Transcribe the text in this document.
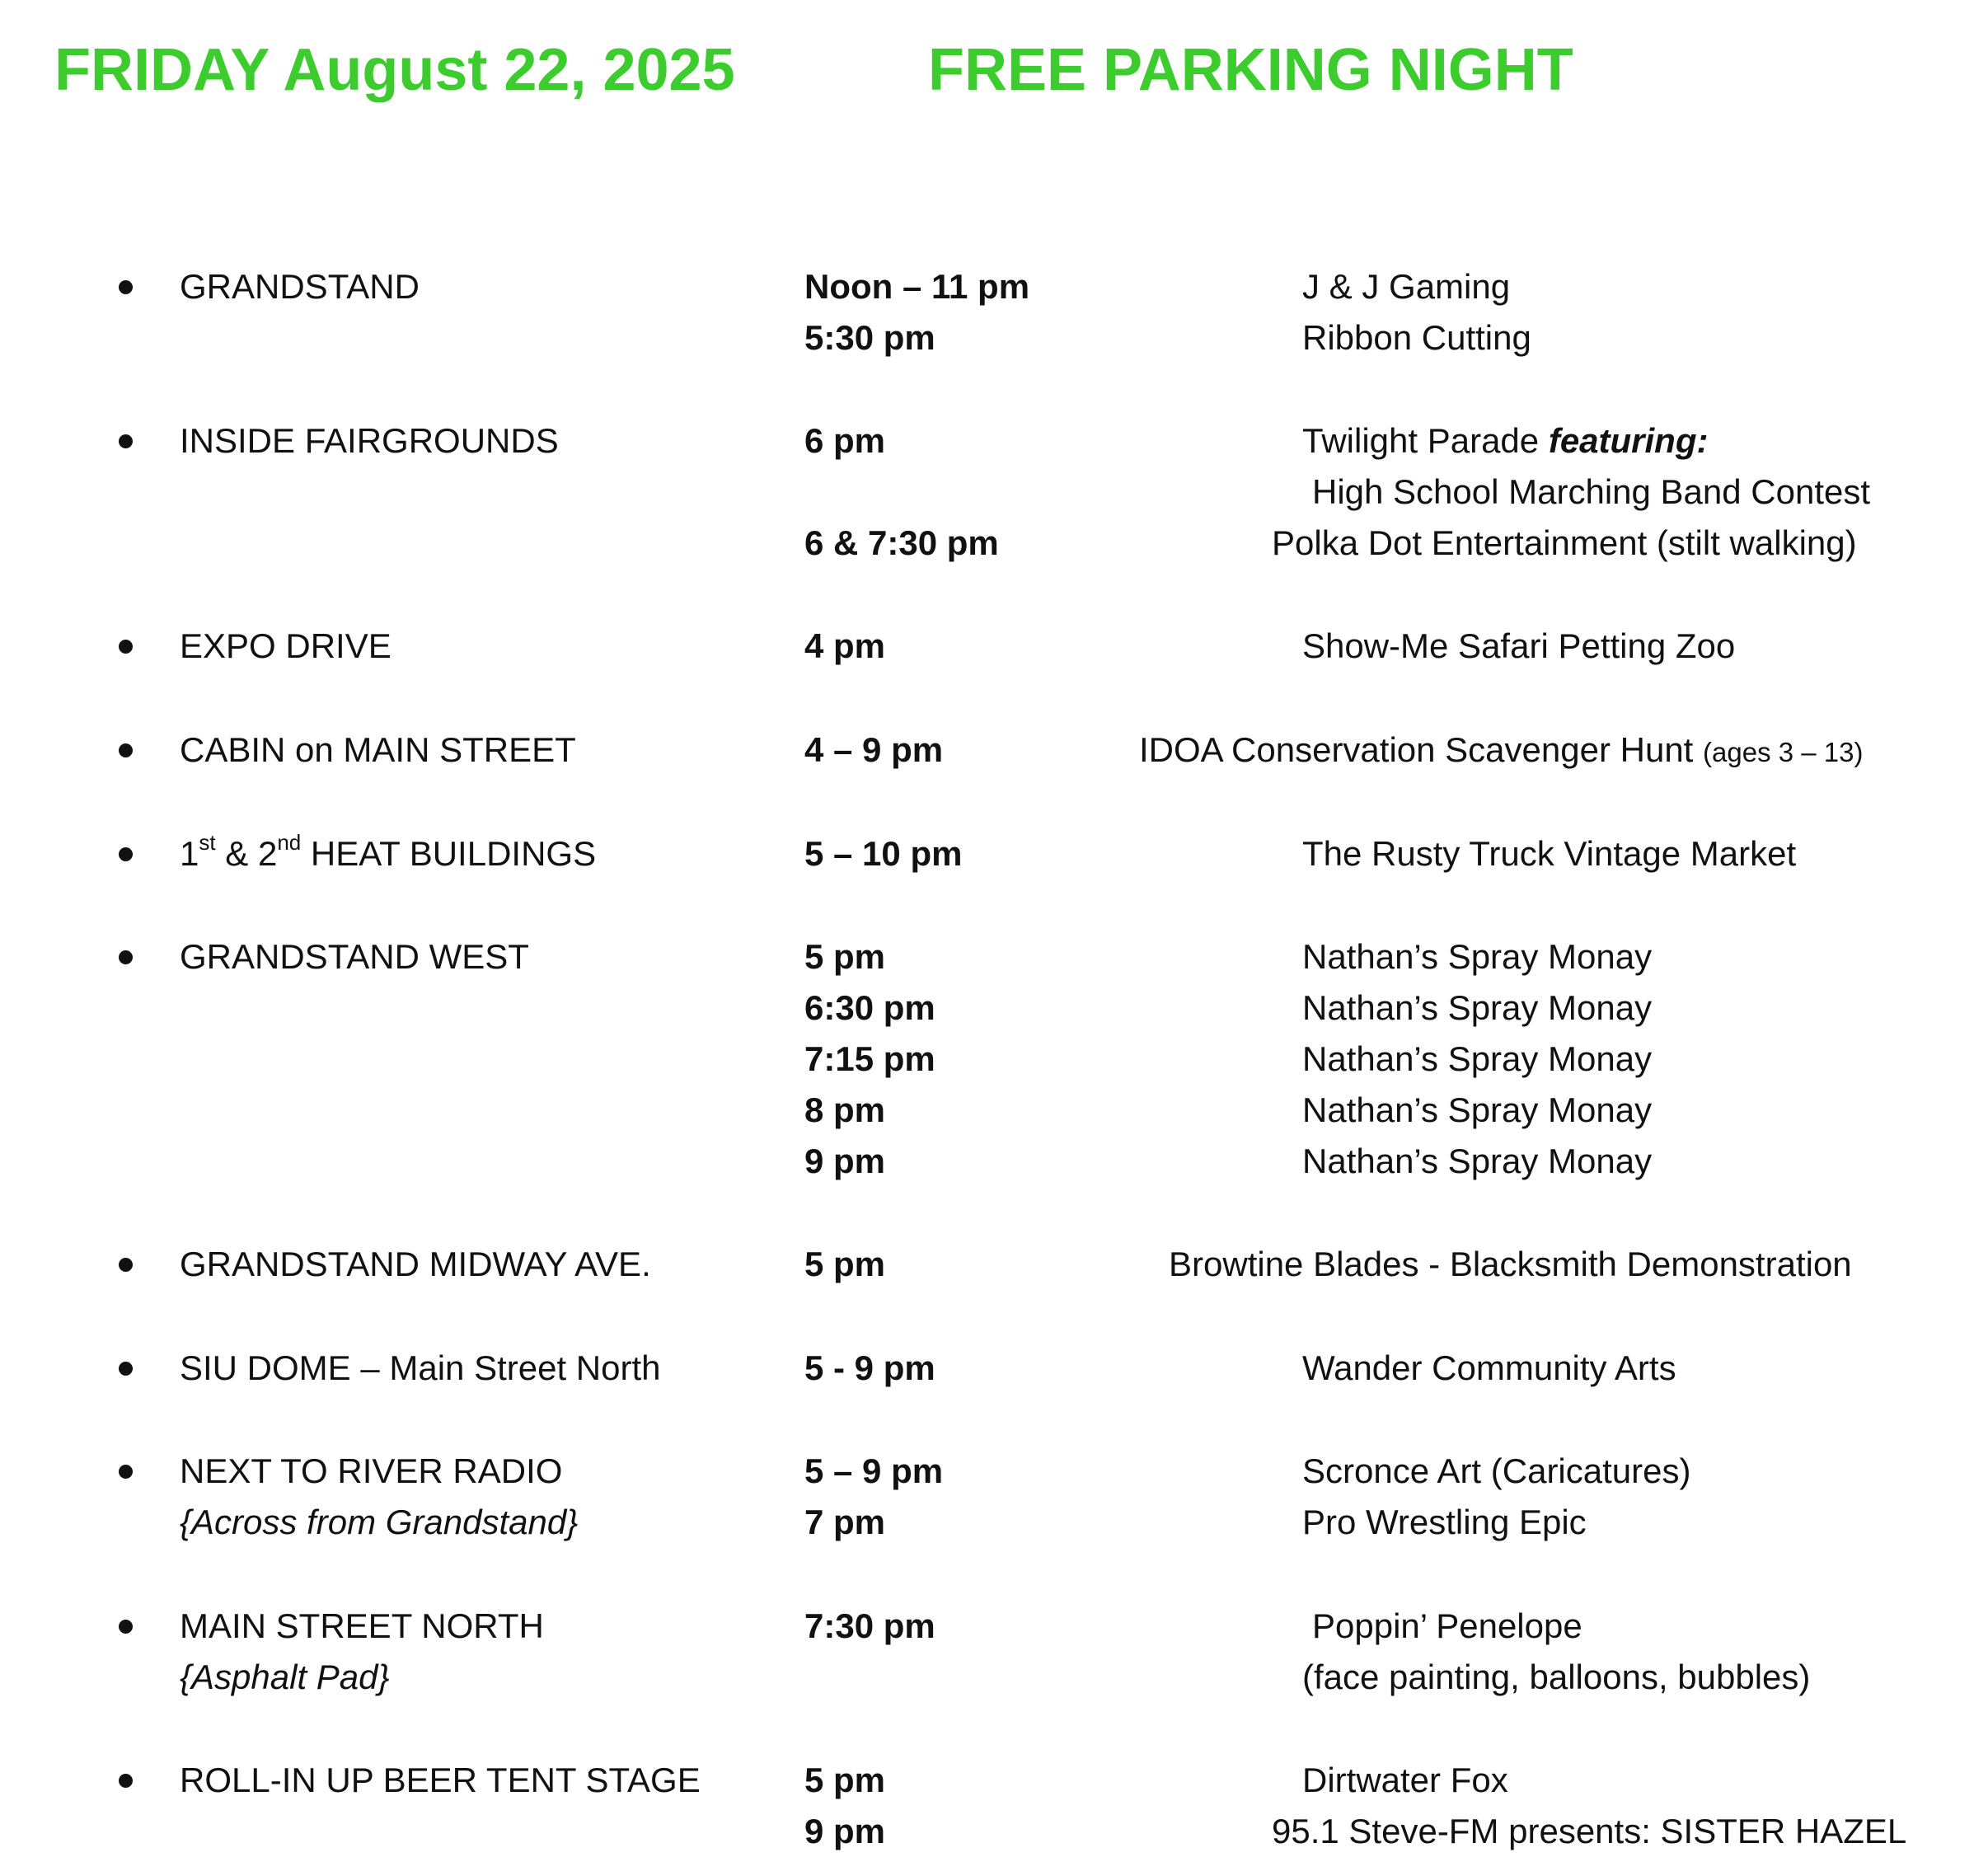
FRIDAY August 22, 2025	FREE PARKING NIGHT
GRANDSTAND	Noon – 11 pm	J & J Gaming
5:30 pm	Ribbon Cutting
INSIDE FAIRGROUNDS	6 pm	Twilight Parade featuring:
High School Marching Band Contest
6 & 7:30 pm	Polka Dot Entertainment (stilt walking)
EXPO DRIVE	4 pm	Show-Me Safari Petting Zoo
CABIN on MAIN STREET	4 – 9 pm	IDOA Conservation Scavenger Hunt (ages 3 – 13)
1st & 2nd HEAT BUILDINGS	5 – 10 pm	The Rusty Truck Vintage Market
GRANDSTAND WEST	5 pm	Nathan’s Spray Monay
6:30 pm	Nathan’s Spray Monay
7:15 pm	Nathan’s Spray Monay
8 pm	Nathan’s Spray Monay
9 pm	Nathan’s Spray Monay
GRANDSTAND MIDWAY AVE.	5 pm	Browtine Blades - Blacksmith Demonstration
SIU DOME – Main Street North	5 - 9 pm	Wander Community Arts
NEXT TO RIVER RADIO	5 – 9 pm	Scronce Art (Caricatures)
{Across from Grandstand}	7 pm	Pro Wrestling Epic
MAIN STREET NORTH	7:30 pm	Poppin’ Penelope
{Asphalt Pad}	(face painting, balloons, bubbles)
ROLL-IN UP BEER TENT STAGE	5 pm	Dirtwater Fox
9 pm	95.1 Steve-FM presents: SISTER HAZEL
